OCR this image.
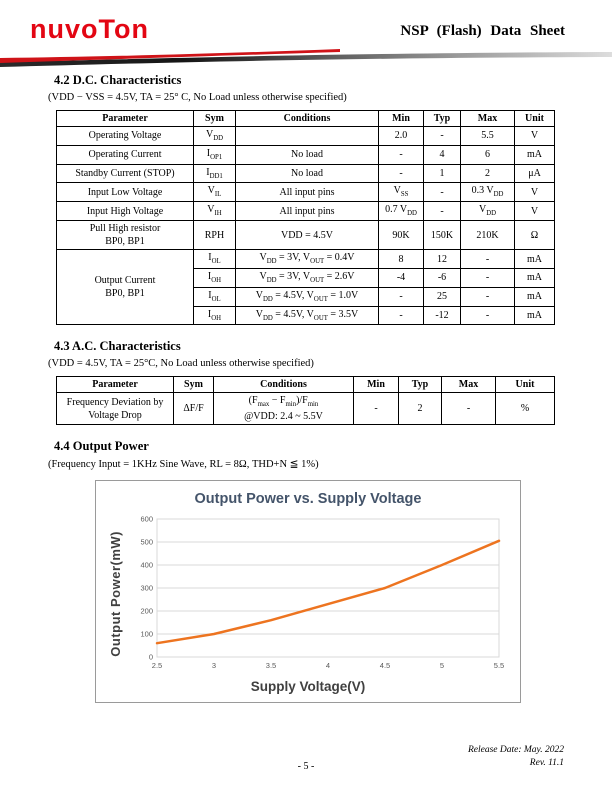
nuvoTon	NSP (Flash) Data Sheet
4.2 D.C. Characteristics

(VDD − VSS = 4.5V, TA = 25° C, No Load unless otherwise specified)

Parameter	Sym	Conditions	Min	Typ	Max	Unit
Operating Voltage	$V_{DD}$		2.0	-	5.5	V
Operating Current	$I_{OP1}$	No load	-	4	6	mA
Standby Current (STOP)	$I_{DD1}$	No load	-	1	2	μA
Input Low Voltage	$V_{IL}$	All input pins	$V_{SS}$	-	0.3 $V_{DD}$	V
Input High Voltage	$V_{IH}$	All input pins	0.7 $V_{DD}$	-	$V_{DD}$	V
Pull High resistor
BP0, BP1	RPH	VDD = 4.5V	90K	150K	210K	Ω
Output Current
BP0, BP1	$I_{OL}$	$V_{DD} = 3V$, $V_{OUT} = 0.4V$	8	12	-	mA
	$I_{OH}$	$V_{DD} = 3V$, $V_{OUT} = 2.6V$	-4	-6	-	mA
	$I_{OL}$	$V_{DD} = 4.5V$, $V_{OUT} = 1.0V$	-	25	-	mA
	$I_{OH}$	$V_{DD} = 4.5V$, $V_{OUT} = 3.5V$	-	-12	-	mA
4.3 A.C. Characteristics

(VDD = 4.5V, TA = 25°C, No Load unless otherwise specified)

Parameter	Sym	Conditions	Min	Typ	Max	Unit
Frequency Deviation by
Voltage Drop	ΔF/F	$(F_{max} - F_{min})/F_{min}$
@VDD: 2.4 ~ 5.5V	-	2	-	%
4.4 Output Power

(Frequency Input = 1KHz Sine Wave, RL = 8Ω, THD+N ≦ 1%)

Output Power vs. Supply Voltage
Output Power(mW)
0
100
200
300
400
500
600
2.5	3	3.5	4	4.5	5	5.5
Supply Voltage(V)
Release Date: May. 2022
Rev. 11.1
- 5 -
